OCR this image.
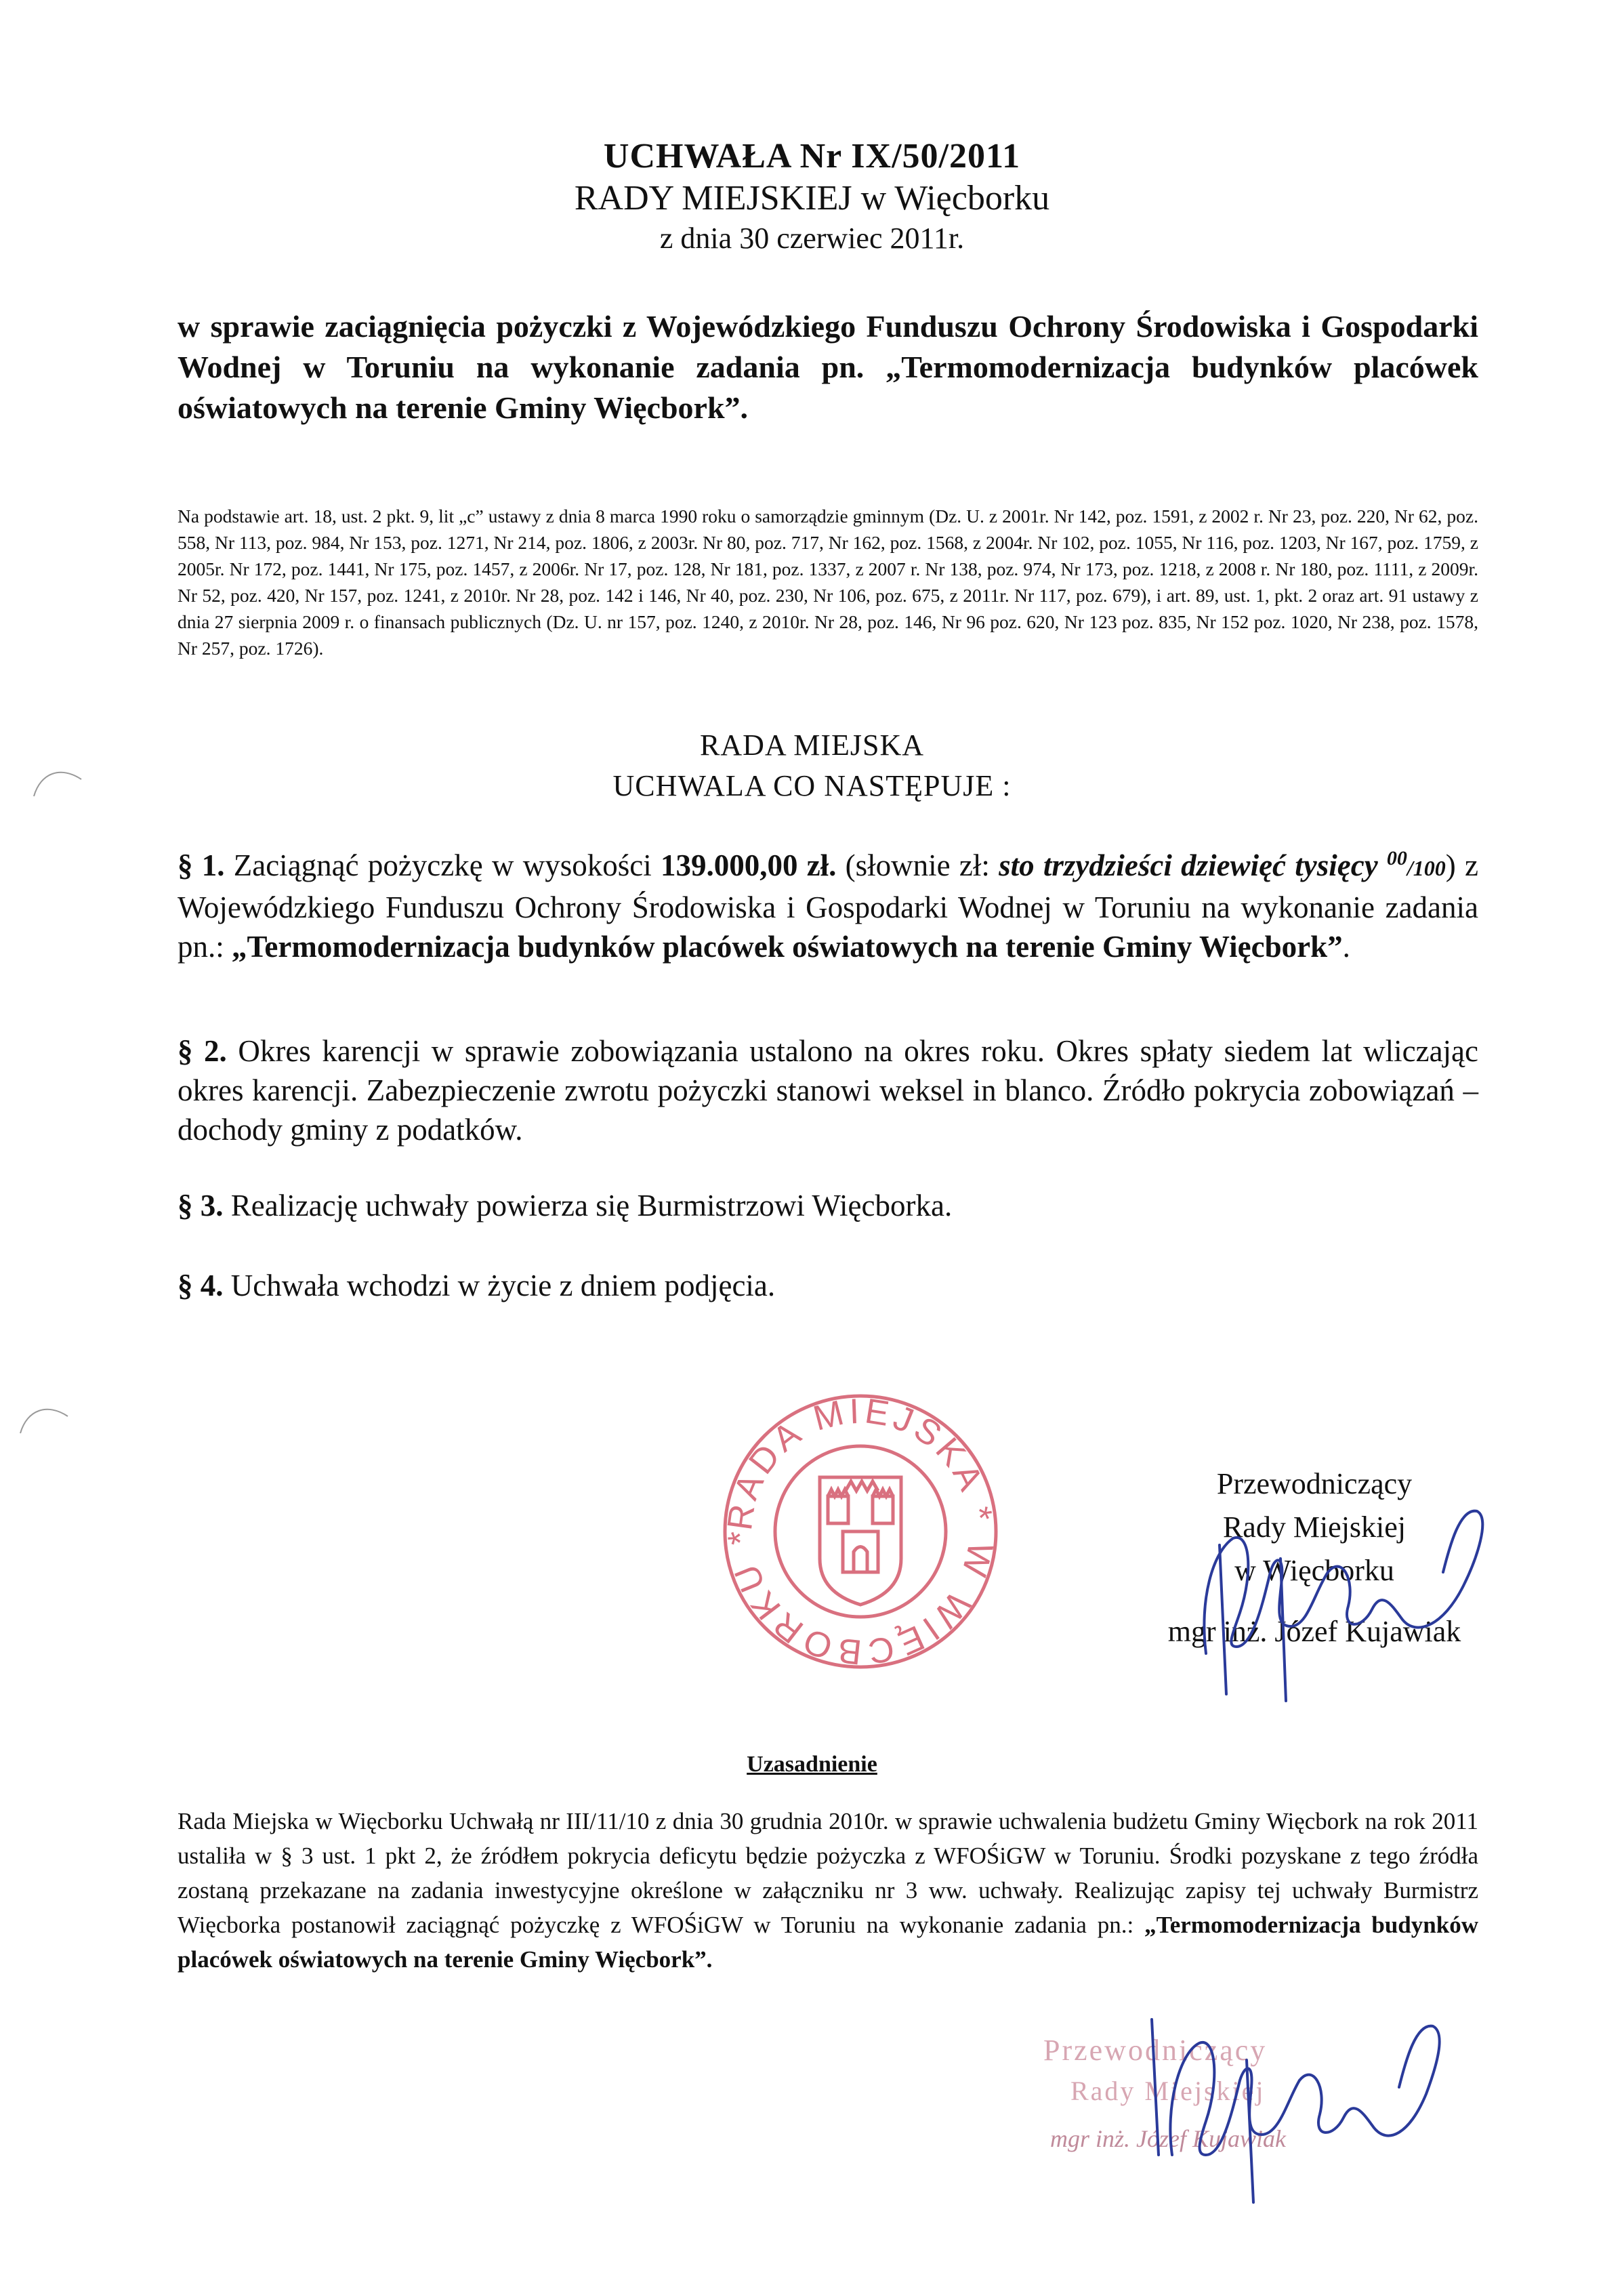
UCHWAŁA Nr IX/50/2011
RADY MIEJSKIEJ w Więcborku
z dnia 30 czerwiec 2011r.
w sprawie zaciągnięcia pożyczki z Wojewódzkiego Funduszu Ochrony Środowiska i Gospodarki Wodnej w Toruniu na wykonanie zadania pn. „Termomodernizacja budynków placówek oświatowych na terenie Gminy Więcbork”.
Na podstawie art. 18, ust. 2 pkt. 9, lit „c” ustawy z dnia 8 marca 1990 roku o samorządzie gminnym (Dz. U. z 2001r. Nr 142, poz. 1591, z 2002 r. Nr 23, poz. 220, Nr 62, poz. 558, Nr 113, poz. 984, Nr 153, poz. 1271, Nr 214, poz. 1806, z 2003r. Nr 80, poz. 717, Nr 162, poz. 1568, z 2004r. Nr 102, poz. 1055, Nr 116, poz. 1203, Nr 167, poz. 1759, z 2005r. Nr 172, poz. 1441, Nr 175, poz. 1457, z 2006r. Nr 17, poz. 128, Nr 181, poz. 1337, z 2007 r. Nr 138, poz. 974, Nr 173, poz. 1218, z 2008 r. Nr 180, poz. 1111, z 2009r. Nr 52, poz. 420, Nr 157, poz. 1241, z 2010r. Nr 28, poz. 142 i 146, Nr 40, poz. 230, Nr 106, poz. 675, z 2011r. Nr 117, poz. 679), i art. 89, ust. 1, pkt. 2 oraz art. 91 ustawy z dnia 27 sierpnia 2009 r. o finansach publicznych (Dz. U. nr 157, poz. 1240, z 2010r. Nr 28, poz. 146, Nr 96 poz. 620, Nr 123 poz. 835, Nr 152 poz. 1020, Nr 238, poz. 1578, Nr 257, poz. 1726).
RADA MIEJSKA
UCHWALA CO NASTĘPUJE :
§ 1. Zaciągnąć pożyczkę w wysokości 139.000,00 zł. (słownie zł: sto trzydzieści dziewięć tysięcy $^{00}$/100) z Wojewódzkiego Funduszu Ochrony Środowiska i Gospodarki Wodnej w Toruniu na wykonanie zadania pn.: „Termomodernizacja budynków placówek oświatowych na terenie Gminy Więcbork”.
§ 2. Okres karencji w sprawie zobowiązania ustalono na okres roku. Okres spłaty siedem lat wliczając okres karencji. Zabezpieczenie zwrotu pożyczki stanowi weksel in blanco. Źródło pokrycia zobowiązań – dochody gminy z podatków.
§ 3. Realizację uchwały powierza się Burmistrzowi Więcborka.
§ 4. Uchwała wchodzi w życie z dniem podjęcia.
RADA MIEJSKA * W WIĘCBORKU *
Przewodniczący
Rady Miejskiej
w Więcborku
mgr inż. Józef Kujawiak
Uzasadnienie
Rada Miejska w Więcborku Uchwałą nr III/11/10 z dnia 30 grudnia 2010r. w sprawie uchwalenia budżetu Gminy Więcbork na rok 2011 ustaliła w § 3 ust. 1 pkt 2, że źródłem pokrycia deficytu będzie pożyczka z WFOŚiGW w Toruniu. Środki pozyskane z tego źródła zostaną przekazane na zadania inwestycyjne określone w załączniku nr 3 ww. uchwały. Realizując zapisy tej uchwały Burmistrz Więcborka postanowił zaciągnąć pożyczkę z WFOŚiGW w Toruniu na wykonanie zadania pn.: „Termomodernizacja budynków placówek oświatowych na terenie Gminy Więcbork”.
Przewodniczący
Rady Miejskiej
mgr inż. Józef Kujawiak
